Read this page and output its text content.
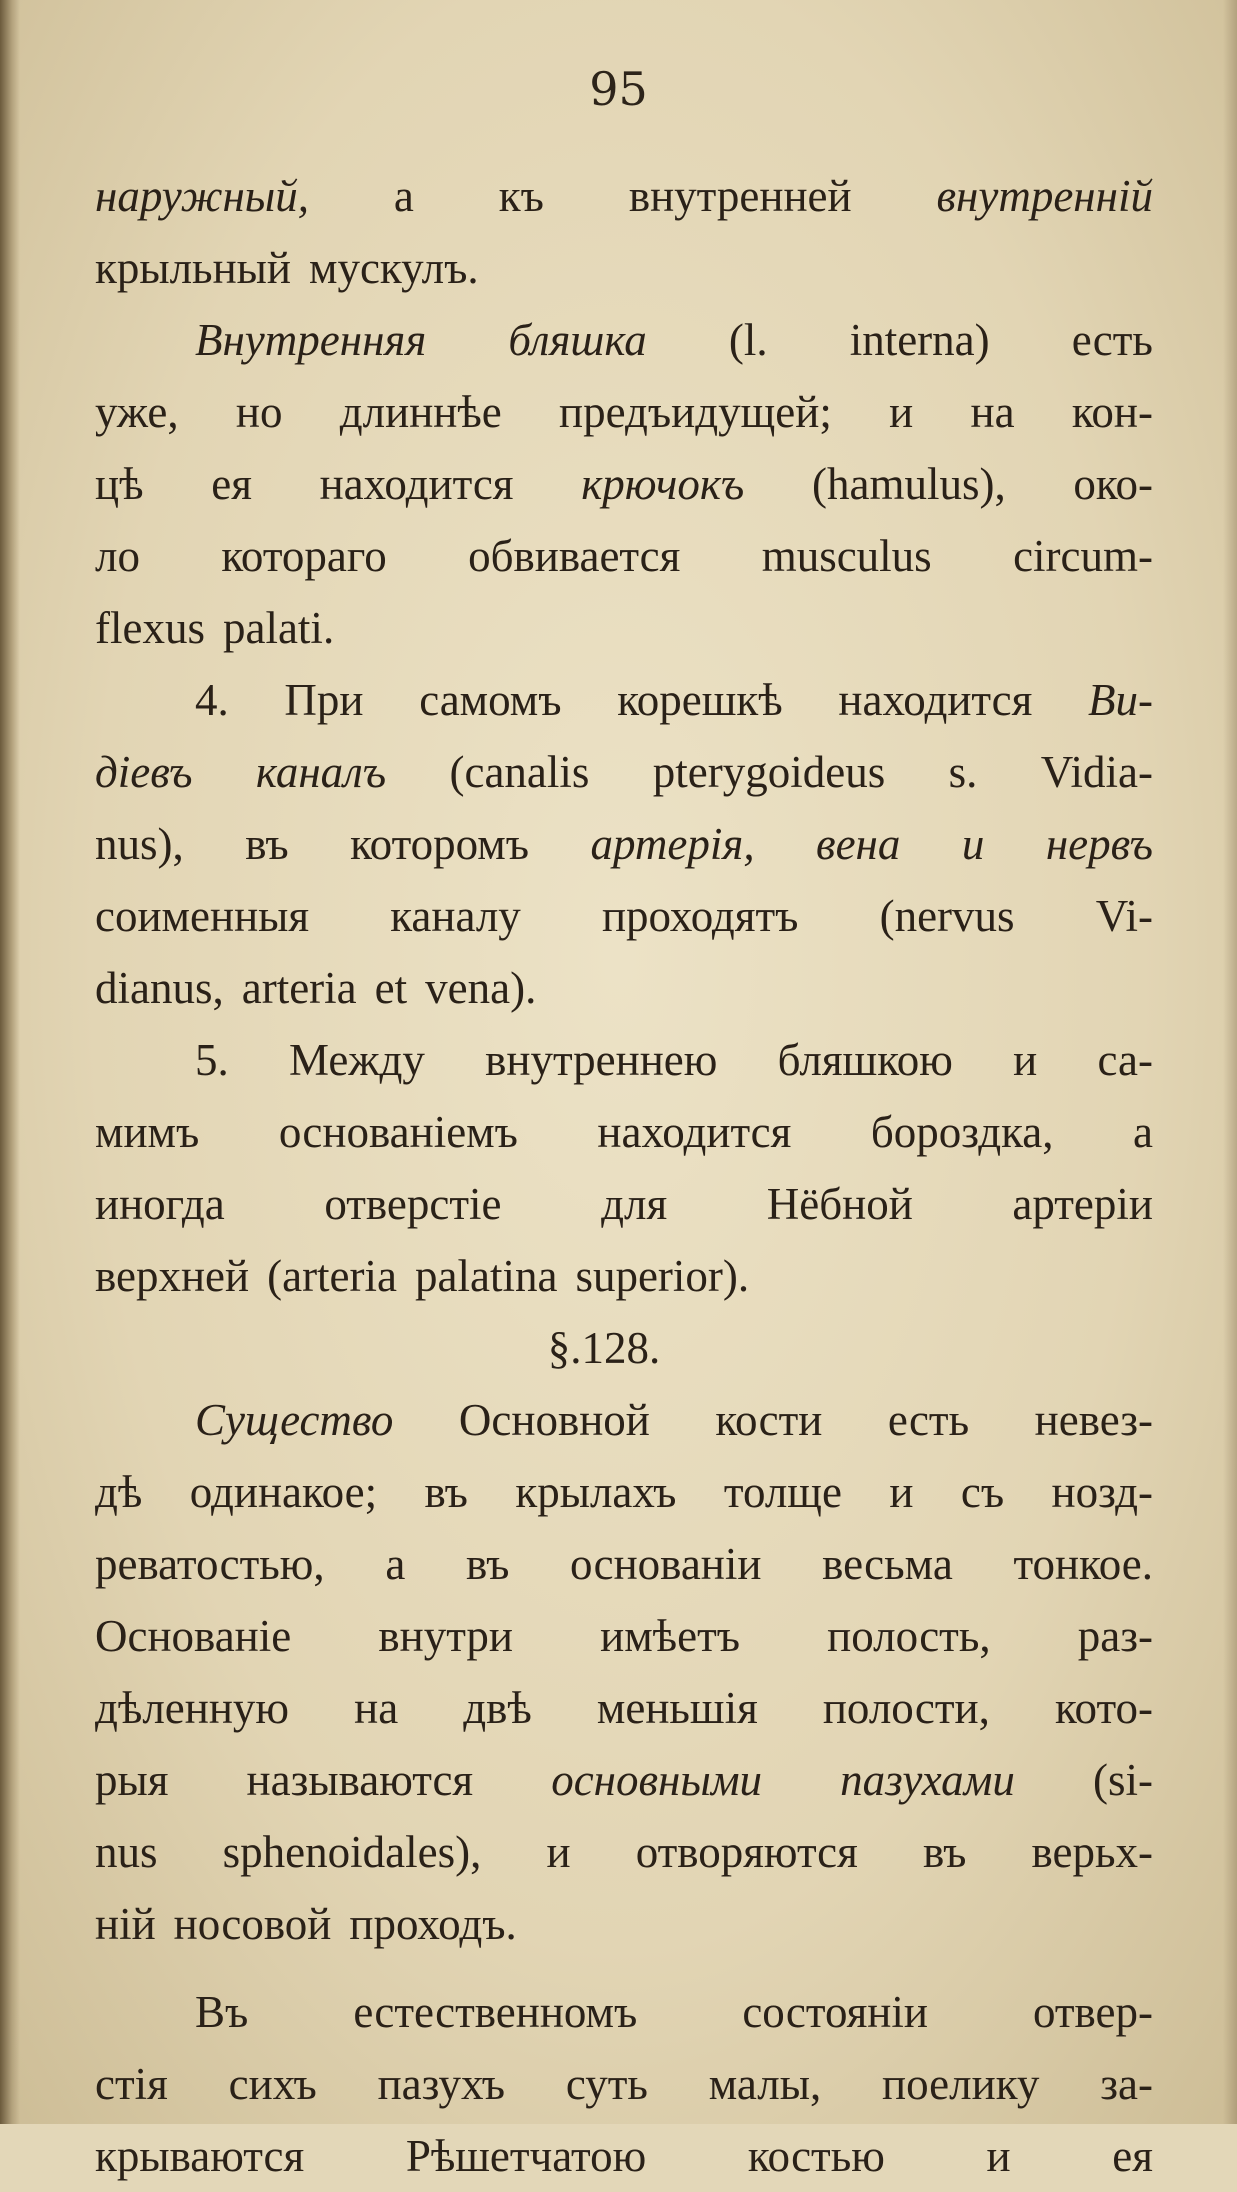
95
наружный, а къ внутренней внутренній
крыльный мускулъ.
Внутренняя бляшка (l. interna) есть
уже, но длиннѣе предъидущей; и на кон-
цѣ ея находится крючокъ (hamulus), око-
ло котораго обвивается musculus circum-
flexus palati.
4. При самомъ корешкѣ находится Ви-
діевъ каналъ (canalis pterygoideus s. Vidia-
nus), въ которомъ артерія, вена и нервъ
соименныя каналу проходятъ (nervus Vi-
dianus, arteria et vena).
5. Между внутреннею бляшкою и са-
мимъ основаніемъ находится бороздка, а
иногда отверстіе для Нёбной артеріи
верхней (arteria palatina superior).
§. 128.
Существо Основной кости есть невез-
дѣ одинакое; въ крылахъ толще и съ нозд-
реватостью, а въ основаніи весьма тонкое.
Основаніе внутри имѣетъ полость, раз-
дѣленную на двѣ меньшія полости, кото-
рыя называются основными пазухами (si-
nus sphenoidales), и отворяются въ верьх-
ній носовой проходъ.
Въ естественномъ состояніи отвер-
стія сихъ пазухъ суть малы, поелику за-
крываются Рѣшетчатою костью и ея
